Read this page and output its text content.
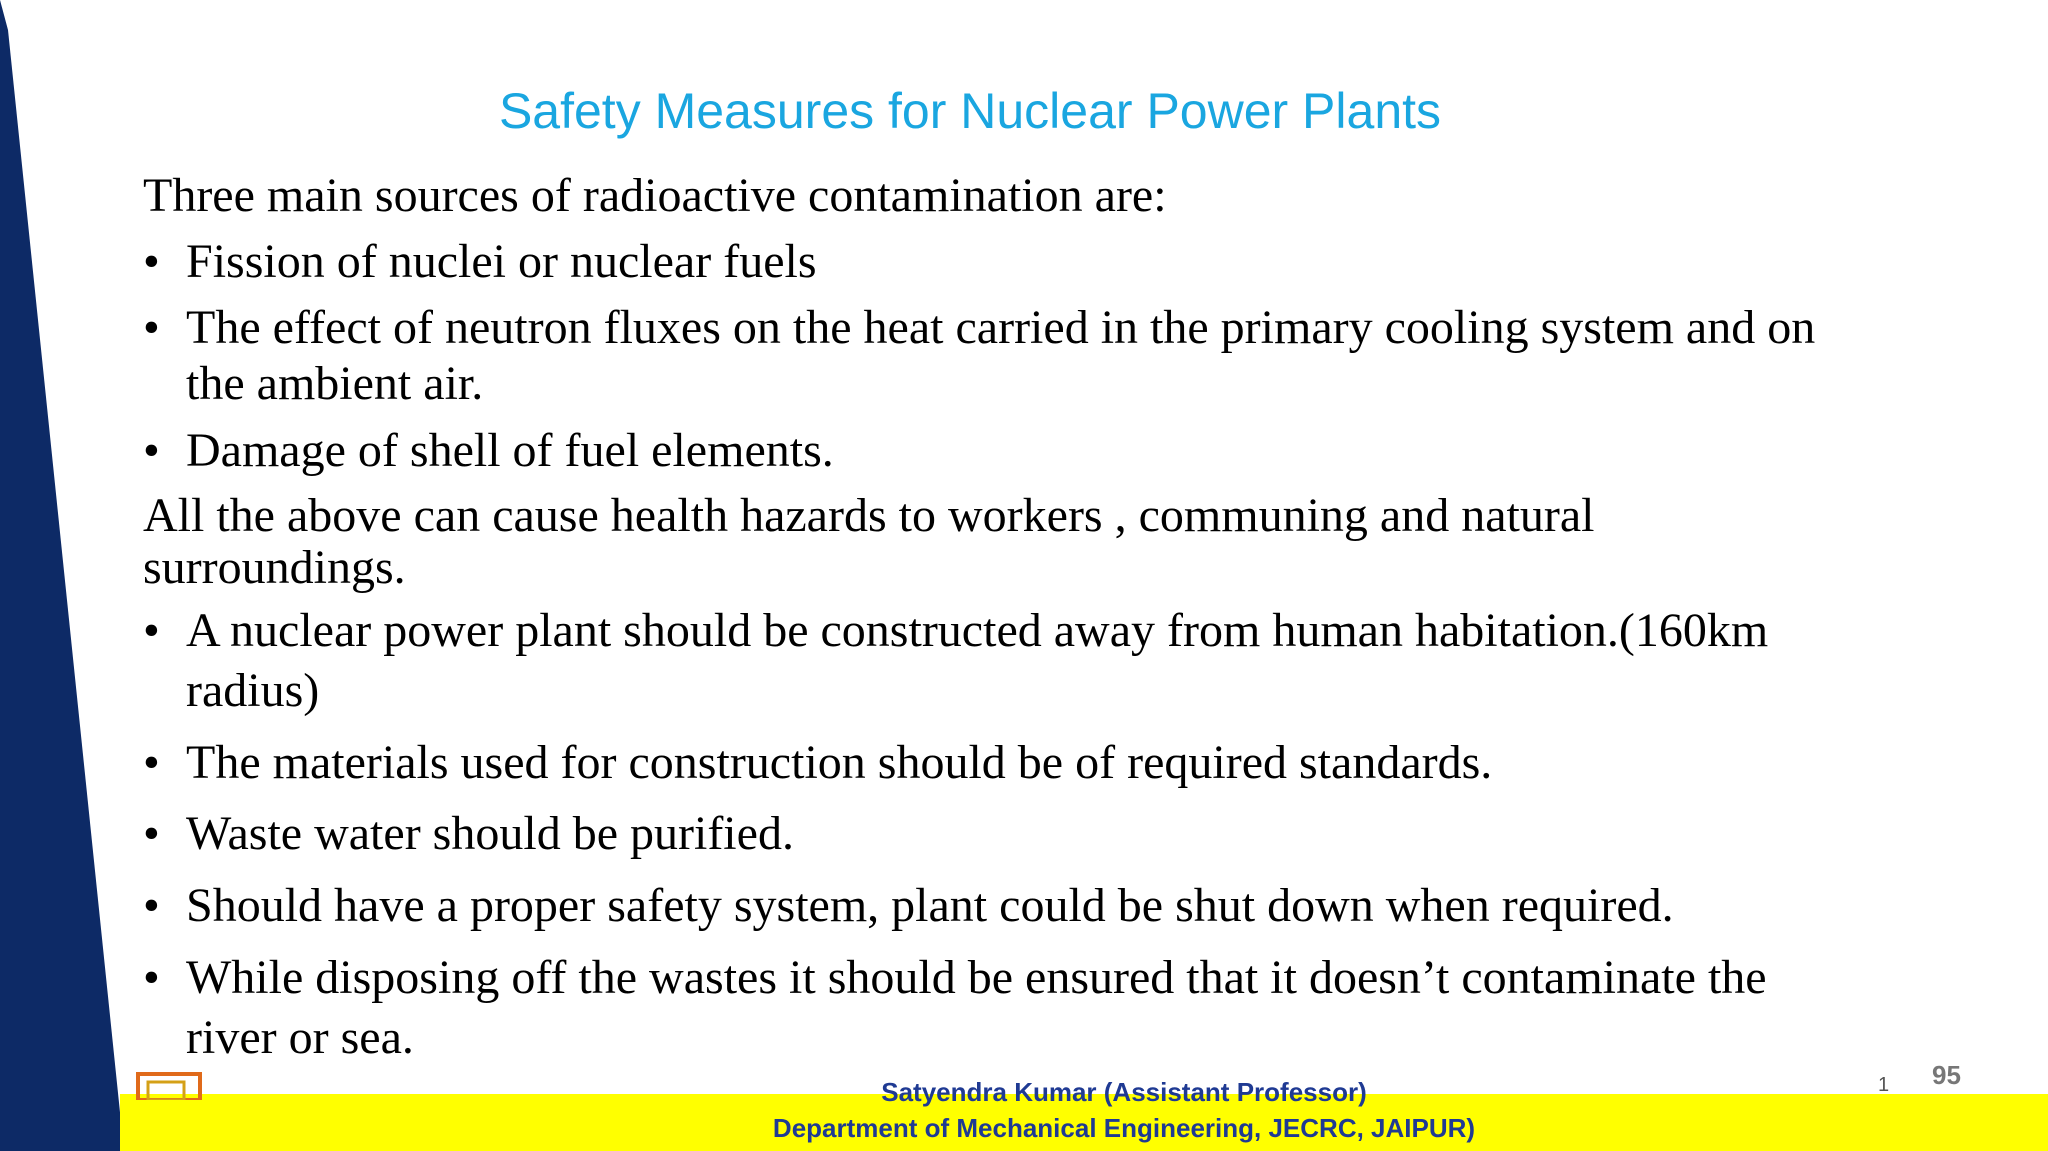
Safety Measures for Nuclear Power Plants
Three main sources of radioactive contamination are:
• Fission of nuclei or nuclear fuels
• The effect of neutron fluxes on the heat carried in the primary cooling system and on
the ambient air.
• Damage of shell of fuel elements.
All the above can cause health hazards to workers , communing and natural
surroundings.
• A nuclear power plant should be constructed away from human habitation.(160km
radius)
• The materials used for construction should be of required standards.
• Waste water should be purified.
• Should have a proper safety system, plant could be shut down when required.
• While disposing off the wastes it should be ensured that it doesn’t contaminate the
river or sea.
Satyendra Kumar (Assistant Professor)
Department of Mechanical Engineering, JECRC, JAIPUR)
1 95
